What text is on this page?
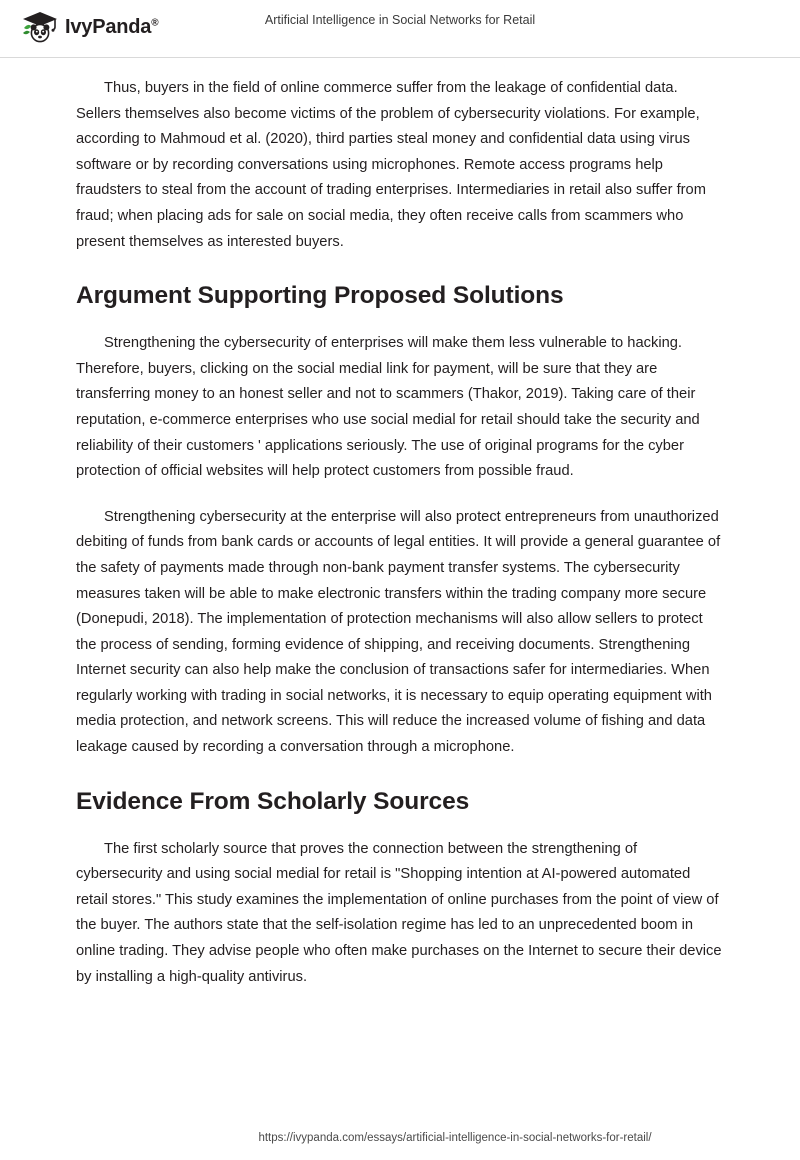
IvyPanda®	Artificial Intelligence in Social Networks for Retail

Thus, buyers in the field of online commerce suffer from the leakage of confidential data. Sellers themselves also become victims of the problem of cybersecurity violations. For example, according to Mahmoud et al. (2020), third parties steal money and confidential data using virus software or by recording conversations using microphones. Remote access programs help fraudsters to steal from the account of trading enterprises. Intermediaries in retail also suffer from fraud; when placing ads for sale on social media, they often receive calls from scammers who present themselves as interested buyers.

Argument Supporting Proposed Solutions

Strengthening the cybersecurity of enterprises will make them less vulnerable to hacking. Therefore, buyers, clicking on the social medial link for payment, will be sure that they are transferring money to an honest seller and not to scammers (Thakor, 2019). Taking care of their reputation, e-commerce enterprises who use social medial for retail should take the security and reliability of their customers ' applications seriously. The use of original programs for the cyber protection of official websites will help protect customers from possible fraud.

Strengthening cybersecurity at the enterprise will also protect entrepreneurs from unauthorized debiting of funds from bank cards or accounts of legal entities. It will provide a general guarantee of the safety of payments made through non-bank payment transfer systems. The cybersecurity measures taken will be able to make electronic transfers within the trading company more secure (Donepudi, 2018). The implementation of protection mechanisms will also allow sellers to protect the process of sending, forming evidence of shipping, and receiving documents. Strengthening Internet security can also help make the conclusion of transactions safer for intermediaries. When regularly working with trading in social networks, it is necessary to equip operating equipment with media protection, and network screens. This will reduce the increased volume of fishing and data leakage caused by recording a conversation through a microphone.

Evidence From Scholarly Sources

The first scholarly source that proves the connection between the strengthening of cybersecurity and using social medial for retail is "Shopping intention at AI-powered automated retail stores." This study examines the implementation of online purchases from the point of view of the buyer. The authors state that the self-isolation regime has led to an unprecedented boom in online trading. They advise people who often make purchases on the Internet to secure their device by installing a high-quality antivirus.

https://ivypanda.com/essays/artificial-intelligence-in-social-networks-for-retail/
